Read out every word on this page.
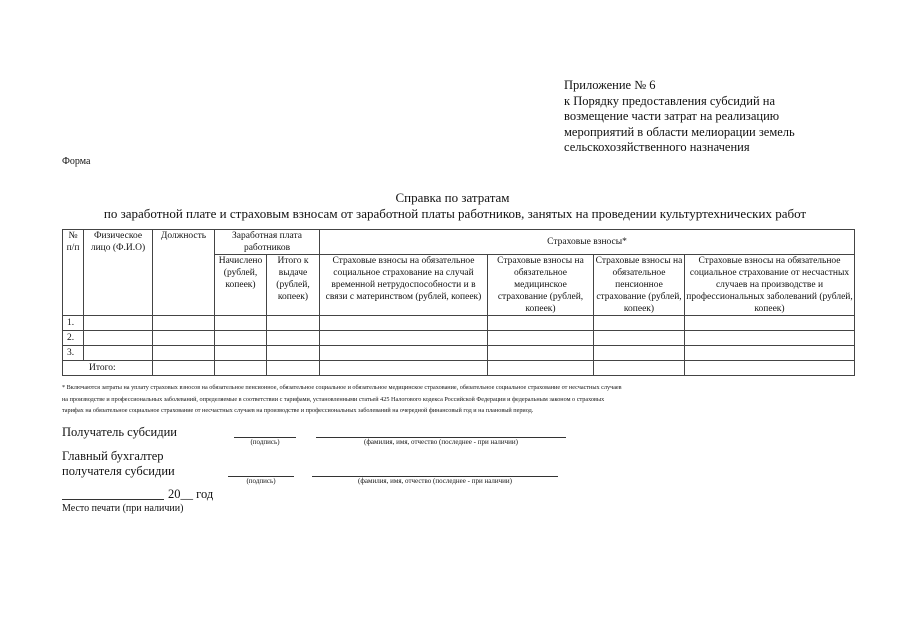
Приложение № 6
к Порядку предоставления субсидий на
возмещение части затрат на реализацию
мероприятий в области мелиорации земель
сельскохозяйственного назначения
Форма
Справка по затратам
по заработной плате и страховым взносам от заработной платы работников, занятых на проведении культуртехнических работ
№ п/п	Физическое лицо (Ф.И.О)	Должность	Заработная плата работников		Страховые взносы*			
			Начислено (рублей, копеек)	Итого к выдаче (рублей, копеек)	Страховые взносы на обязательное социальное страхование на случай временной нетрудоспособности и в связи с материнством (рублей, копеек)	Страховые взносы на обязательное медицинское страхование (рублей, копеек)	Страховые взносы на обязательное пенсионное страхование (рублей, копеек)	Страховые взносы на обязательное социальное страхование от несчастных случаев на производстве и профессиональных заболеваний (рублей, копеек)
1.								
2.								
3.								
Итого:								
* Включаются затраты на уплату страховых взносов на обязательное пенсионное, обязательное социальное и обязательное медицинское страхование, обязательное социальное страхование от несчастных случаев
на производстве и профессиональных заболеваний, определяемые в соответствии с тарифами, установленными статьей 425 Налогового кодекса Российской Федерации и федеральным законом о страховых
тарифах на обязательное социальное страхование от несчастных случаев на производстве и профессиональных заболеваний на очередной финансовый год и на плановый период.
Получатель субсидии
(подпись)	(фамилия, имя, отчество (последнее - при наличии)
Главный бухгалтер
получателя субсидии
(подпись)	(фамилия, имя, отчество (последнее - при наличии)
20__ год
Место печати (при наличии)
